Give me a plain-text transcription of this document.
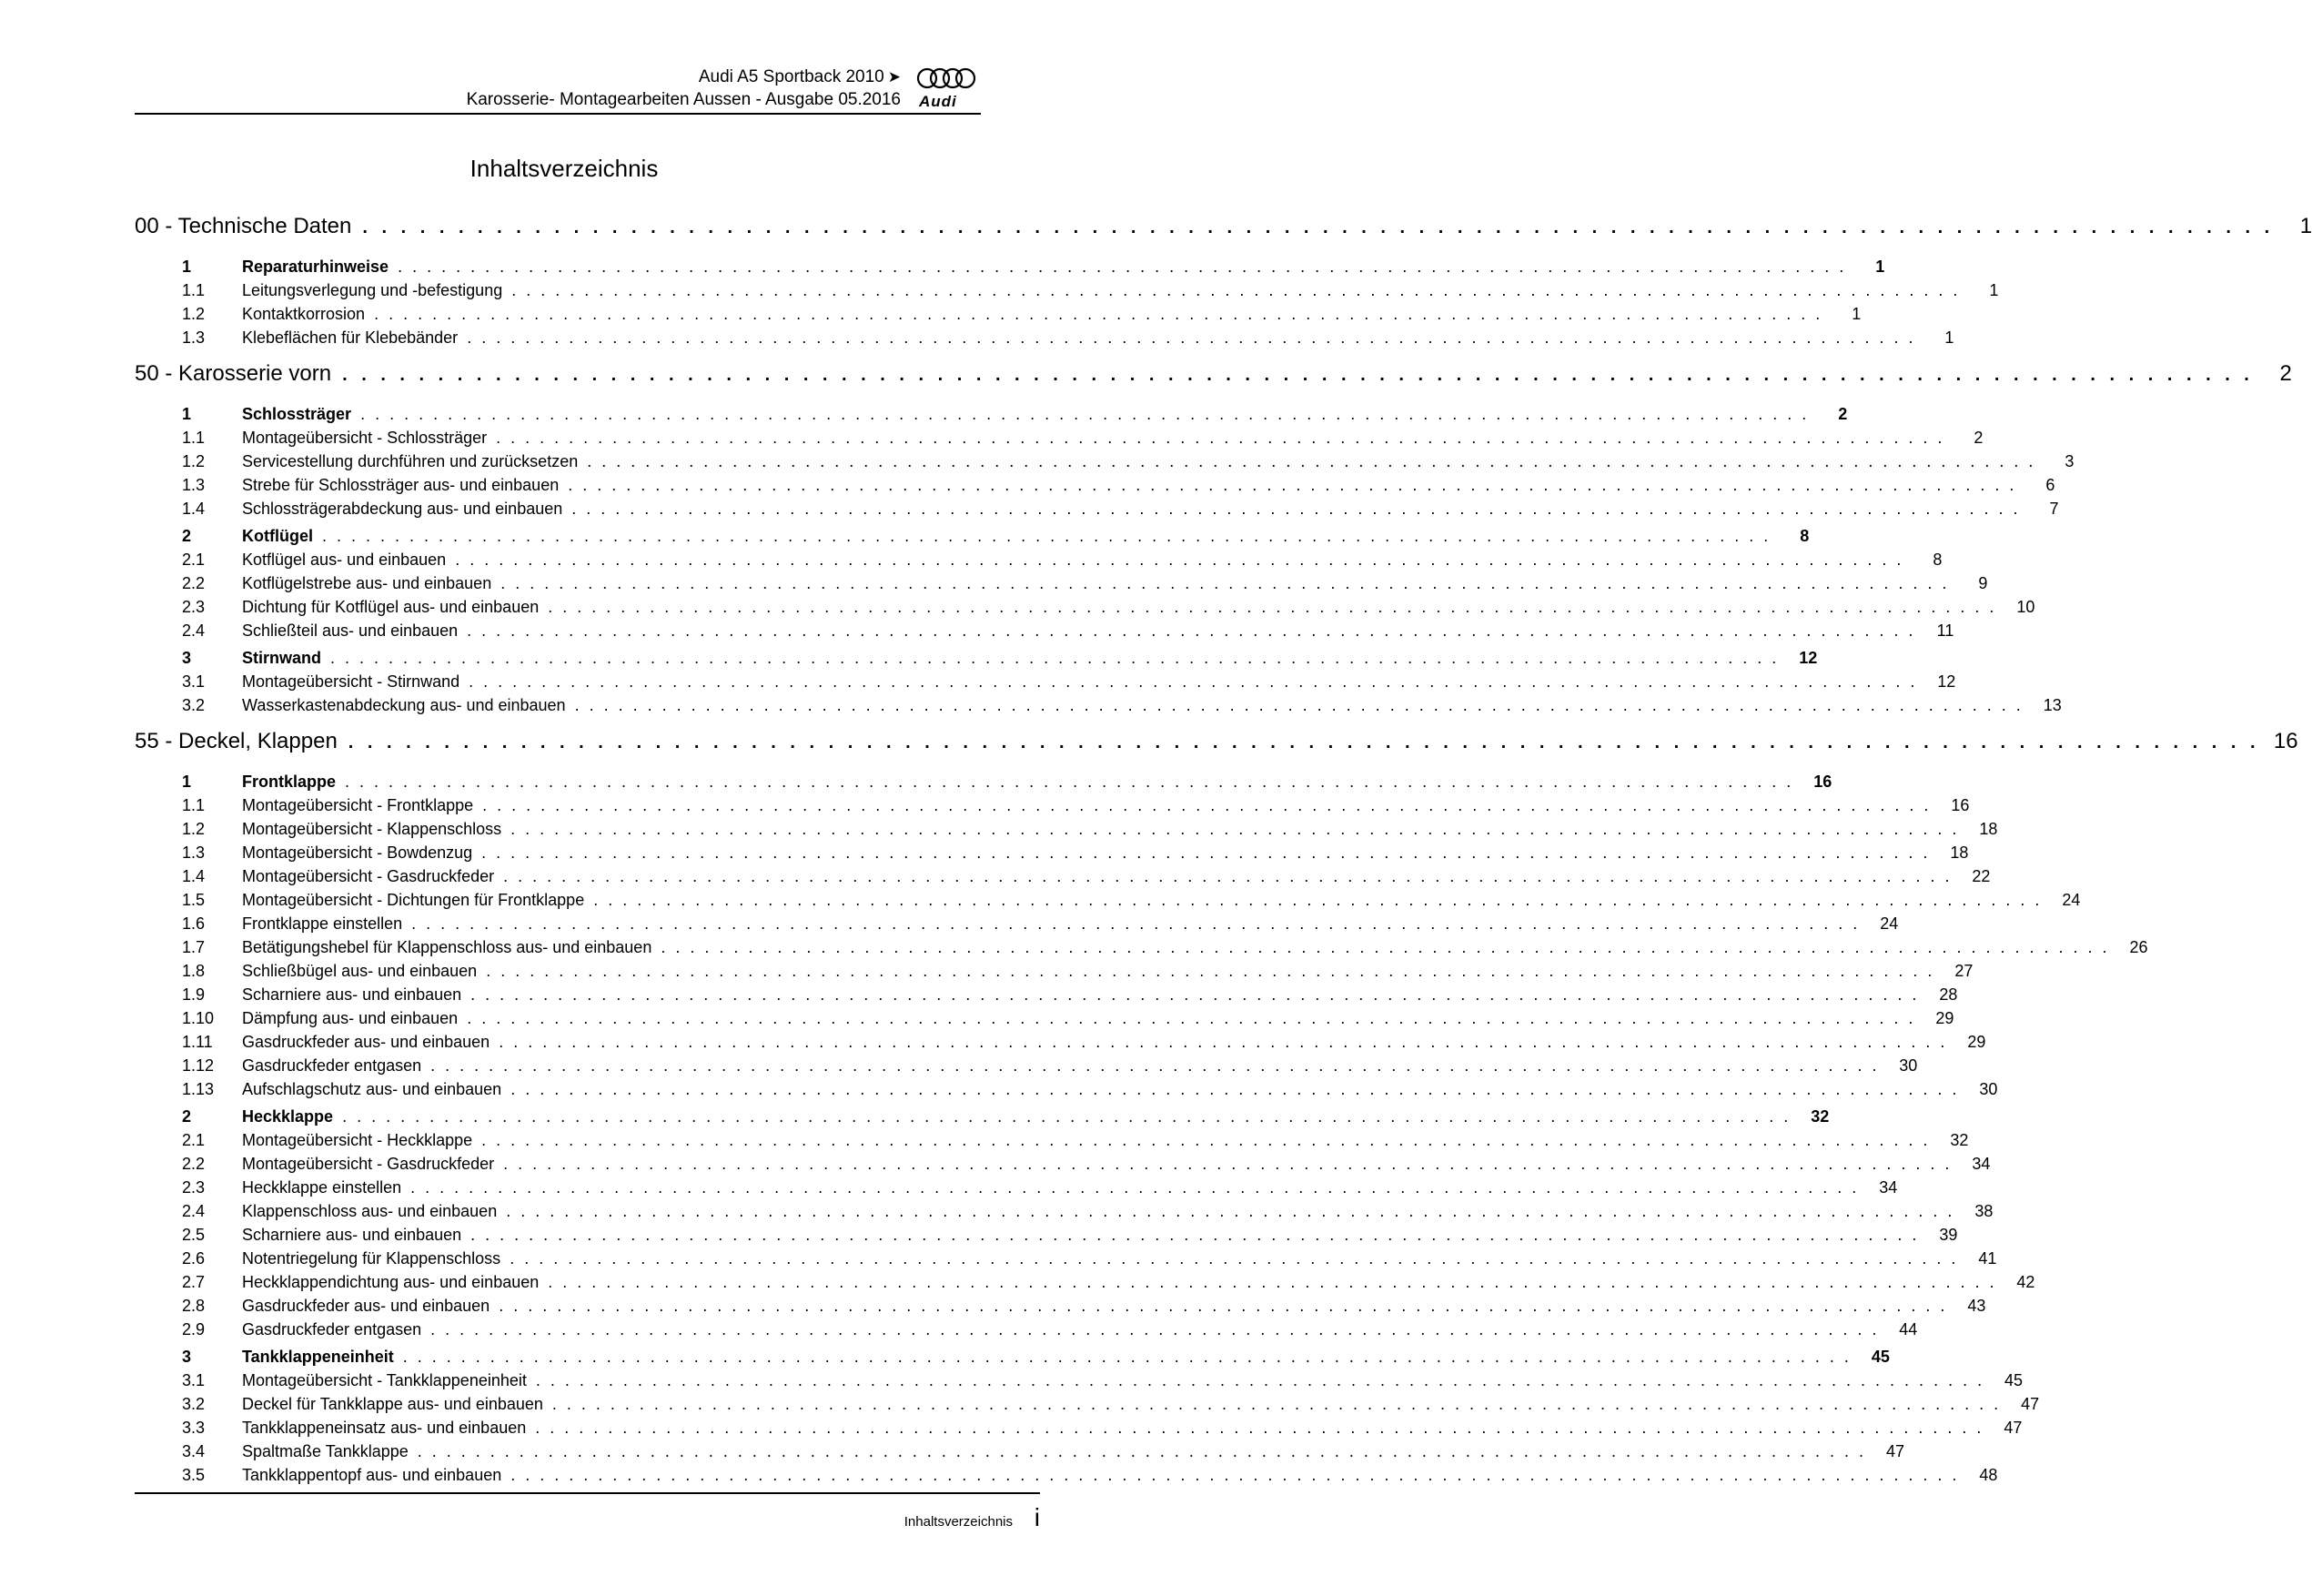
Audi A5 Sportback 2010 ➤
Karosserie- Montagearbeiten Aussen - Ausgabe 05.2016 Audi
Inhaltsverzeichnis
00 - Technische Daten . . . . . . . . . . . . . . . . . . . . . . . . . . . . . . . . . . . . . . . . . . . . . . . . . . . . . . . . . . . . . . . . . . . . . . . . . . . . . . . . . . . . . . . . . . . . . . . . . . . .	1
1	Reparaturhinweise . . . . . . . . . . . . . . . . . . . . . . . . . . . . . . . . . . . . . . . . . . . . . . . . . . . . . . . . . . . . . . . . . . . . . . . . . . . . . . . . . . . . . . . . . . . . . . . . . . . .	1
1.1 Leitungsverlegung und -befestigung . . . . . . . . . . . . . . . . . . . . . . . . . . . . . . . . . . . . . . . . . . . . . . . . . . . . . . . . . . . . . . . . . . . . . . . . . . . . . . . . . . . . . . . . . . . . . . . . . . . .	1
1.2 Kontaktkorrosion . . . . . . . . . . . . . . . . . . . . . . . . . . . . . . . . . . . . . . . . . . . . . . . . . . . . . . . . . . . . . . . . . . . . . . . . . . . . . . . . . . . . . . . . . . . . . . . . . . . .	1
1.3 Klebeflächen für Klebebänder . . . . . . . . . . . . . . . . . . . . . . . . . . . . . . . . . . . . . . . . . . . . . . . . . . . . . . . . . . . . . . . . . . . . . . . . . . . . . . . . . . . . . . . . . . . . . . . . . . . .	1
50 - Karosserie vorn . . . . . . . . . . . . . . . . . . . . . . . . . . . . . . . . . . . . . . . . . . . . . . . . . . . . . . . . . . . . . . . . . . . . . . . . . . . . . . . . . . . . . . . . . . . . . . . . . . . .	2
1	Schlossträger . . . . . . . . . . . . . . . . . . . . . . . . . . . . . . . . . . . . . . . . . . . . . . . . . . . . . . . . . . . . . . . . . . . . . . . . . . . . . . . . . . . . . . . . . . . . . . . . . . . .	2
1.1 Montageübersicht - Schlossträger . . . . . . . . . . . . . . . . . . . . . . . . . . . . . . . . . . . . . . . . . . . . . . . . . . . . . . . . . . . . . . . . . . . . . . . . . . . . . . . . . . . . . . . . . . . . . . . . . . . .	2
1.2 Servicestellung durchführen und zurücksetzen . . . . . . . . . . . . . . . . . . . . . . . . . . . . . . . . . . . . . . . . . . . . . . . . . . . . . . . . . . . . . . . . . . . . . . . . . . . . . . . . . . . . . . . . . . . . . . . . . . . .	3
1.3 Strebe für Schlossträger aus- und einbauen . . . . . . . . . . . . . . . . . . . . . . . . . . . . . . . . . . . . . . . . . . . . . . . . . . . . . . . . . . . . . . . . . . . . . . . . . . . . . . . . . . . . . . . . . . . . . . . . . . . .	6
1.4 Schlossträgerabdeckung aus- und einbauen . . . . . . . . . . . . . . . . . . . . . . . . . . . . . . . . . . . . . . . . . . . . . . . . . . . . . . . . . . . . . . . . . . . . . . . . . . . . . . . . . . . . . . . . . . . . . . . . . . . .	7
2	Kotflügel . . . . . . . . . . . . . . . . . . . . . . . . . . . . . . . . . . . . . . . . . . . . . . . . . . . . . . . . . . . . . . . . . . . . . . . . . . . . . . . . . . . . . . . . . . . . . . . . . . . .	8
2.1 Kotflügel aus- und einbauen . . . . . . . . . . . . . . . . . . . . . . . . . . . . . . . . . . . . . . . . . . . . . . . . . . . . . . . . . . . . . . . . . . . . . . . . . . . . . . . . . . . . . . . . . . . . . . . . . . . .	8
2.2 Kotflügelstrebe aus- und einbauen . . . . . . . . . . . . . . . . . . . . . . . . . . . . . . . . . . . . . . . . . . . . . . . . . . . . . . . . . . . . . . . . . . . . . . . . . . . . . . . . . . . . . . . . . . . . . . . . . . . .	9
2.3 Dichtung für Kotflügel aus- und einbauen . . . . . . . . . . . . . . . . . . . . . . . . . . . . . . . . . . . . . . . . . . . . . . . . . . . . . . . . . . . . . . . . . . . . . . . . . . . . . . . . . . . . . . . . . . . . . . . . . . . .	10
2.4 Schließteil aus- und einbauen . . . . . . . . . . . . . . . . . . . . . . . . . . . . . . . . . . . . . . . . . . . . . . . . . . . . . . . . . . . . . . . . . . . . . . . . . . . . . . . . . . . . . . . . . . . . . . . . . . . .	11
3	Stirnwand . . . . . . . . . . . . . . . . . . . . . . . . . . . . . . . . . . . . . . . . . . . . . . . . . . . . . . . . . . . . . . . . . . . . . . . . . . . . . . . . . . . . . . . . . . . . . . . . . . . .	12
3.1 Montageübersicht - Stirnwand . . . . . . . . . . . . . . . . . . . . . . . . . . . . . . . . . . . . . . . . . . . . . . . . . . . . . . . . . . . . . . . . . . . . . . . . . . . . . . . . . . . . . . . . . . . . . . . . . . . .	12
3.2 Wasserkastenabdeckung aus- und einbauen . . . . . . . . . . . . . . . . . . . . . . . . . . . . . . . . . . . . . . . . . . . . . . . . . . . . . . . . . . . . . . . . . . . . . . . . . . . . . . . . . . . . . . . . . . . . . . . . . . . .	13
55 - Deckel, Klappen . . . . . . . . . . . . . . . . . . . . . . . . . . . . . . . . . . . . . . . . . . . . . . . . . . . . . . . . . . . . . . . . . . . . . . . . . . . . . . . . . . . . . . . . . . . . . . . . . . . . 16
1	Frontklappe . . . . . . . . . . . . . . . . . . . . . . . . . . . . . . . . . . . . . . . . . . . . . . . . . . . . . . . . . . . . . . . . . . . . . . . . . . . . . . . . . . . . . . . . . . . . . . . . . . . .	16
1.1 Montageübersicht - Frontklappe . . . . . . . . . . . . . . . . . . . . . . . . . . . . . . . . . . . . . . . . . . . . . . . . . . . . . . . . . . . . . . . . . . . . . . . . . . . . . . . . . . . . . . . . . . . . . . . . . . . .	16
1.2 Montageübersicht - Klappenschloss . . . . . . . . . . . . . . . . . . . . . . . . . . . . . . . . . . . . . . . . . . . . . . . . . . . . . . . . . . . . . . . . . . . . . . . . . . . . . . . . . . . . . . . . . . . . . . . . . . . .	18
1.3 Montageübersicht - Bowdenzug . . . . . . . . . . . . . . . . . . . . . . . . . . . . . . . . . . . . . . . . . . . . . . . . . . . . . . . . . . . . . . . . . . . . . . . . . . . . . . . . . . . . . . . . . . . . . . . . . . . .	18
1.4 Montageübersicht - Gasdruckfeder . . . . . . . . . . . . . . . . . . . . . . . . . . . . . . . . . . . . . . . . . . . . . . . . . . . . . . . . . . . . . . . . . . . . . . . . . . . . . . . . . . . . . . . . . . . . . . . . . . . .	22
1.5 Montageübersicht - Dichtungen für Frontklappe . . . . . . . . . . . . . . . . . . . . . . . . . . . . . . . . . . . . . . . . . . . . . . . . . . . . . . . . . . . . . . . . . . . . . . . . . . . . . . . . . . . . . . . . . . . . . . . . . . . .	24
1.6 Frontklappe einstellen . . . . . . . . . . . . . . . . . . . . . . . . . . . . . . . . . . . . . . . . . . . . . . . . . . . . . . . . . . . . . . . . . . . . . . . . . . . . . . . . . . . . . . . . . . . . . . . . . . . .	24
1.7 Betätigungshebel für Klappenschloss aus- und einbauen . . . . . . . . . . . . . . . . . . . . . . . . . . . . . . . . . . . . . . . . . . . . . . . . . . . . . . . . . . . . . . . . . . . . . . . . . . . . . . . . . . . . . . . . . . . . . . . . . . . .	26
1.8 Schließbügel aus- und einbauen . . . . . . . . . . . . . . . . . . . . . . . . . . . . . . . . . . . . . . . . . . . . . . . . . . . . . . . . . . . . . . . . . . . . . . . . . . . . . . . . . . . . . . . . . . . . . . . . . . . .	27
1.9 Scharniere aus- und einbauen . . . . . . . . . . . . . . . . . . . . . . . . . . . . . . . . . . . . . . . . . . . . . . . . . . . . . . . . . . . . . . . . . . . . . . . . . . . . . . . . . . . . . . . . . . . . . . . . . . . .	28
1.10 Dämpfung aus- und einbauen . . . . . . . . . . . . . . . . . . . . . . . . . . . . . . . . . . . . . . . . . . . . . . . . . . . . . . . . . . . . . . . . . . . . . . . . . . . . . . . . . . . . . . . . . . . . . . . . . . . .	29
1.11 Gasdruckfeder aus- und einbauen . . . . . . . . . . . . . . . . . . . . . . . . . . . . . . . . . . . . . . . . . . . . . . . . . . . . . . . . . . . . . . . . . . . . . . . . . . . . . . . . . . . . . . . . . . . . . . . . . . . .	29
1.12 Gasdruckfeder entgasen . . . . . . . . . . . . . . . . . . . . . . . . . . . . . . . . . . . . . . . . . . . . . . . . . . . . . . . . . . . . . . . . . . . . . . . . . . . . . . . . . . . . . . . . . . . . . . . . . . . .	30
1.13 Aufschlagschutz aus- und einbauen . . . . . . . . . . . . . . . . . . . . . . . . . . . . . . . . . . . . . . . . . . . . . . . . . . . . . . . . . . . . . . . . . . . . . . . . . . . . . . . . . . . . . . . . . . . . . . . . . . . .	30
2	Heckklappe . . . . . . . . . . . . . . . . . . . . . . . . . . . . . . . . . . . . . . . . . . . . . . . . . . . . . . . . . . . . . . . . . . . . . . . . . . . . . . . . . . . . . . . . . . . . . . . . . . . .	32
2.1 Montageübersicht - Heckklappe . . . . . . . . . . . . . . . . . . . . . . . . . . . . . . . . . . . . . . . . . . . . . . . . . . . . . . . . . . . . . . . . . . . . . . . . . . . . . . . . . . . . . . . . . . . . . . . . . . . .	32
2.2 Montageübersicht - Gasdruckfeder . . . . . . . . . . . . . . . . . . . . . . . . . . . . . . . . . . . . . . . . . . . . . . . . . . . . . . . . . . . . . . . . . . . . . . . . . . . . . . . . . . . . . . . . . . . . . . . . . . . .	34
2.3 Heckklappe einstellen . . . . . . . . . . . . . . . . . . . . . . . . . . . . . . . . . . . . . . . . . . . . . . . . . . . . . . . . . . . . . . . . . . . . . . . . . . . . . . . . . . . . . . . . . . . . . . . . . . . .	34
2.4 Klappenschloss aus- und einbauen . . . . . . . . . . . . . . . . . . . . . . . . . . . . . . . . . . . . . . . . . . . . . . . . . . . . . . . . . . . . . . . . . . . . . . . . . . . . . . . . . . . . . . . . . . . . . . . . . . . .	38
2.5 Scharniere aus- und einbauen . . . . . . . . . . . . . . . . . . . . . . . . . . . . . . . . . . . . . . . . . . . . . . . . . . . . . . . . . . . . . . . . . . . . . . . . . . . . . . . . . . . . . . . . . . . . . . . . . . . .	39
2.6 Notentriegelung für Klappenschloss . . . . . . . . . . . . . . . . . . . . . . . . . . . . . . . . . . . . . . . . . . . . . . . . . . . . . . . . . . . . . . . . . . . . . . . . . . . . . . . . . . . . . . . . . . . . . . . . . . . .	41
2.7 Heckklappendichtung aus- und einbauen . . . . . . . . . . . . . . . . . . . . . . . . . . . . . . . . . . . . . . . . . . . . . . . . . . . . . . . . . . . . . . . . . . . . . . . . . . . . . . . . . . . . . . . . . . . . . . . . . . . .	42
2.8 Gasdruckfeder aus- und einbauen . . . . . . . . . . . . . . . . . . . . . . . . . . . . . . . . . . . . . . . . . . . . . . . . . . . . . . . . . . . . . . . . . . . . . . . . . . . . . . . . . . . . . . . . . . . . . . . . . . . .	43
2.9 Gasdruckfeder entgasen . . . . . . . . . . . . . . . . . . . . . . . . . . . . . . . . . . . . . . . . . . . . . . . . . . . . . . . . . . . . . . . . . . . . . . . . . . . . . . . . . . . . . . . . . . . . . . . . . . . .	44
3	Tankklappeneinheit . . . . . . . . . . . . . . . . . . . . . . . . . . . . . . . . . . . . . . . . . . . . . . . . . . . . . . . . . . . . . . . . . . . . . . . . . . . . . . . . . . . . . . . . . . . . . . . . . . . .	45
3.1 Montageübersicht - Tankklappeneinheit . . . . . . . . . . . . . . . . . . . . . . . . . . . . . . . . . . . . . . . . . . . . . . . . . . . . . . . . . . . . . . . . . . . . . . . . . . . . . . . . . . . . . . . . . . . . . . . . . . . .	45
3.2 Deckel für Tankklappe aus- und einbauen . . . . . . . . . . . . . . . . . . . . . . . . . . . . . . . . . . . . . . . . . . . . . . . . . . . . . . . . . . . . . . . . . . . . . . . . . . . . . . . . . . . . . . . . . . . . . . . . . . . .	47
3.3 Tankklappeneinsatz aus- und einbauen . . . . . . . . . . . . . . . . . . . . . . . . . . . . . . . . . . . . . . . . . . . . . . . . . . . . . . . . . . . . . . . . . . . . . . . . . . . . . . . . . . . . . . . . . . . . . . . . . . . .	47
3.4 Spaltmaße Tankklappe . . . . . . . . . . . . . . . . . . . . . . . . . . . . . . . . . . . . . . . . . . . . . . . . . . . . . . . . . . . . . . . . . . . . . . . . . . . . . . . . . . . . . . . . . . . . . . . . . . . .	47
3.5 Tankklappentopf aus- und einbauen . . . . . . . . . . . . . . . . . . . . . . . . . . . . . . . . . . . . . . . . . . . . . . . . . . . . . . . . . . . . . . . . . . . . . . . . . . . . . . . . . . . . . . . . . . . . . . . . . . . .	48
Inhaltsverzeichnis i
